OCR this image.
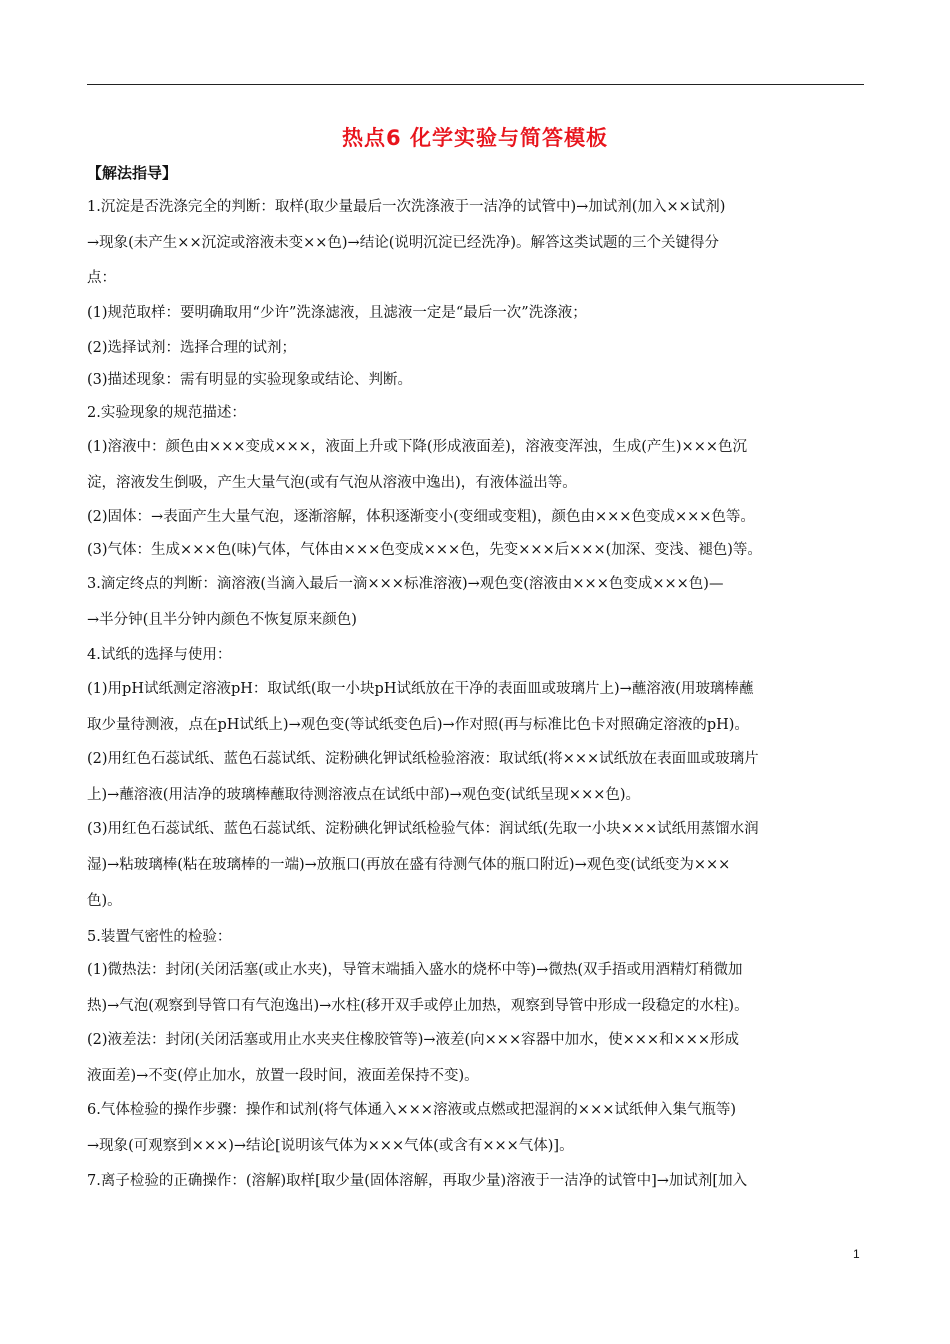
热点6 化学实验与简答模板
【解法指导】
1.沉淀是否洗涤完全的判断：取样(取少量最后一次洗涤液于一洁净的试管中)→加试剂(加入××试剂)
→现象(未产生××沉淀或溶液未变××色)→结论(说明沉淀已经洗净)。解答这类试题的三个关键得分
点：
(1)规范取样：要明确取用“少许”洗涤滤液，且滤液一定是“最后一次”洗涤液；
(2)选择试剂：选择合理的试剂；
(3)描述现象：需有明显的实验现象或结论、判断。
2.实验现象的规范描述：
(1)溶液中：颜色由×××变成×××，液面上升或下降(形成液面差)，溶液变浑浊，生成(产生)×××色沉
淀，溶液发生倒吸，产生大量气泡(或有气泡从溶液中逸出)，有液体溢出等。
(2)固体：→表面产生大量气泡，逐渐溶解，体积逐渐变小(变细或变粗)，颜色由×××色变成×××色等。
(3)气体：生成×××色(味)气体，气体由×××色变成×××色，先变×××后×××(加深、变浅、褪色)等。
3.滴定终点的判断：滴溶液(当滴入最后一滴×××标准溶液)→观色变(溶液由×××色变成×××色)—
→半分钟(且半分钟内颜色不恢复原来颜色)
4.试纸的选择与使用：
(1)用pH试纸测定溶液pH：取试纸(取一小块pH试纸放在干净的表面皿或玻璃片上)→蘸溶液(用玻璃棒蘸
取少量待测液，点在pH试纸上)→观色变(等试纸变色后)→作对照(再与标准比色卡对照确定溶液的pH)。
(2)用红色石蕊试纸、蓝色石蕊试纸、淀粉碘化钾试纸检验溶液：取试纸(将×××试纸放在表面皿或玻璃片
上)→蘸溶液(用洁净的玻璃棒蘸取待测溶液点在试纸中部)→观色变(试纸呈现×××色)。
(3)用红色石蕊试纸、蓝色石蕊试纸、淀粉碘化钾试纸检验气体：润试纸(先取一小块×××试纸用蒸馏水润
湿)→粘玻璃棒(粘在玻璃棒的一端)→放瓶口(再放在盛有待测气体的瓶口附近)→观色变(试纸变为×××
色)。
5.装置气密性的检验：
(1)微热法：封闭(关闭活塞(或止水夹)，导管末端插入盛水的烧杯中等)→微热(双手捂或用酒精灯稍微加
热)→气泡(观察到导管口有气泡逸出)→水柱(移开双手或停止加热，观察到导管中形成一段稳定的水柱)。
(2)液差法：封闭(关闭活塞或用止水夹夹住橡胶管等)→液差(向×××容器中加水，使×××和×××形成
液面差)→不变(停止加水，放置一段时间，液面差保持不变)。
6.气体检验的操作步骤：操作和试剂(将气体通入×××溶液或点燃或把湿润的×××试纸伸入集气瓶等)
→现象(可观察到×××)→结论[说明该气体为×××气体(或含有×××气体)]。
7.离子检验的正确操作：(溶解)取样[取少量(固体溶解，再取少量)溶液于一洁净的试管中]→加试剂[加入
1
